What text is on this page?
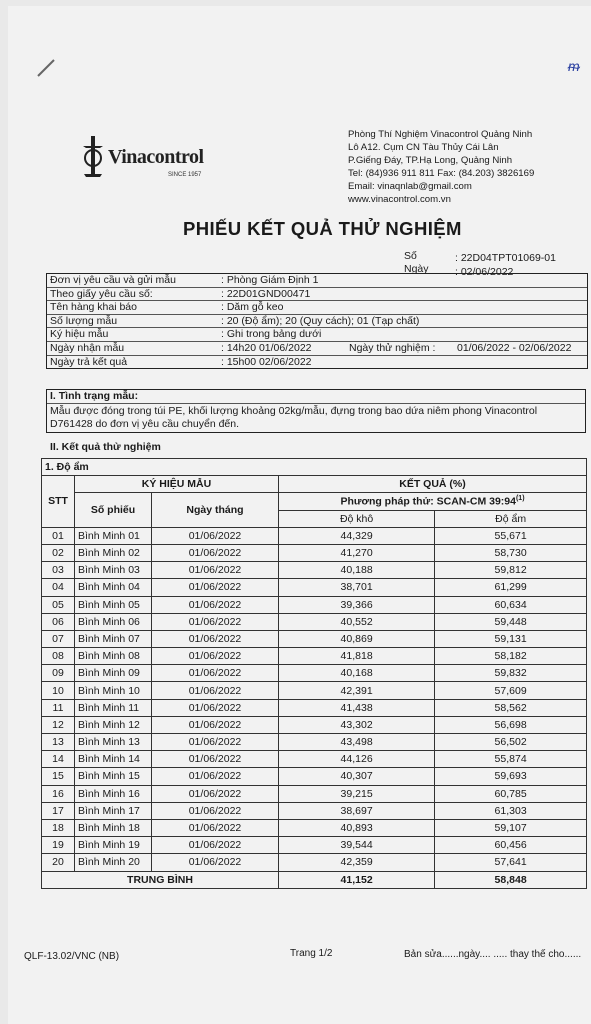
ᵯ
Vinacontrol
SINCE 1957
Phòng Thí Nghiệm Vinacontrol Quảng Ninh
Lô A12. Cụm CN Tàu Thủy Cái Lân
P.Giếng Đáy, TP.Hạ Long, Quảng Ninh
Tel: (84)936 911 811 Fax: (84.203) 3826169
Email: vinaqnlab@gmail.com
www.vinacontrol.com.vn
PHIẾU KẾT QUẢ THỬ NGHIỆM
Số	: 22D04TPT01069-01
Ngày	: 02/06/2022
Đơn vị yêu cầu và gửi mẫu	: Phòng Giám Định 1
Theo giấy yêu cầu số:	: 22D01GND00471
Tên hàng khai báo	: Dăm gỗ keo
Số lượng mẫu	: 20 (Độ ẩm); 20 (Quy cách); 01 (Tạp chất)
Ký hiệu mẫu	: Ghi trong bảng dưới
Ngày nhận mẫu	: 14h20 01/06/2022	Ngày thử nghiệm : 01/06/2022 - 02/06/2022
Ngày trả kết quả	: 15h00 02/06/2022
I. Tình trạng mẫu:
Mẫu được đóng trong túi PE, khối lượng khoảng 02kg/mẫu, đựng trong bao dứa niêm phong Vinacontrol
D761428 do đơn vị yêu cầu chuyển đến.
II. Kết quả thử nghiệm
1. Độ ẩm				
STT	KÝ HIỆU MẪU		KẾT QUẢ (%)	
	Số phiếu	Ngày tháng	Phương pháp thử: SCAN-CM 39:94$^{(1)}$
			Độ khô	Độ ẩm
01	Bình Minh 01	01/06/2022	44,329	55,671
02	Bình Minh 02	01/06/2022	41,270	58,730
03	Bình Minh 03	01/06/2022	40,188	59,812
04	Bình Minh 04	01/06/2022	38,701	61,299
05	Bình Minh 05	01/06/2022	39,366	60,634
06	Bình Minh 06	01/06/2022	40,552	59,448
07	Bình Minh 07	01/06/2022	40,869	59,131
08	Bình Minh 08	01/06/2022	41,818	58,182
09	Bình Minh 09	01/06/2022	40,168	59,832
10	Bình Minh 10	01/06/2022	42,391	57,609
11	Bình Minh 11	01/06/2022	41,438	58,562
12	Bình Minh 12	01/06/2022	43,302	56,698
13	Bình Minh 13	01/06/2022	43,498	56,502
14	Bình Minh 14	01/06/2022	44,126	55,874
15	Bình Minh 15	01/06/2022	40,307	59,693
16	Bình Minh 16	01/06/2022	39,215	60,785
17	Bình Minh 17	01/06/2022	38,697	61,303
18	Bình Minh 18	01/06/2022	40,893	59,107
19	Bình Minh 19	01/06/2022	39,544	60,456
20	Bình Minh 20	01/06/2022	42,359	57,641
TRUNG BÌNH			41,152	58,848
QLF-13.02/VNC (NB)	Trang 1/2	Bản sửa......ngày.... ..... thay thế cho......
